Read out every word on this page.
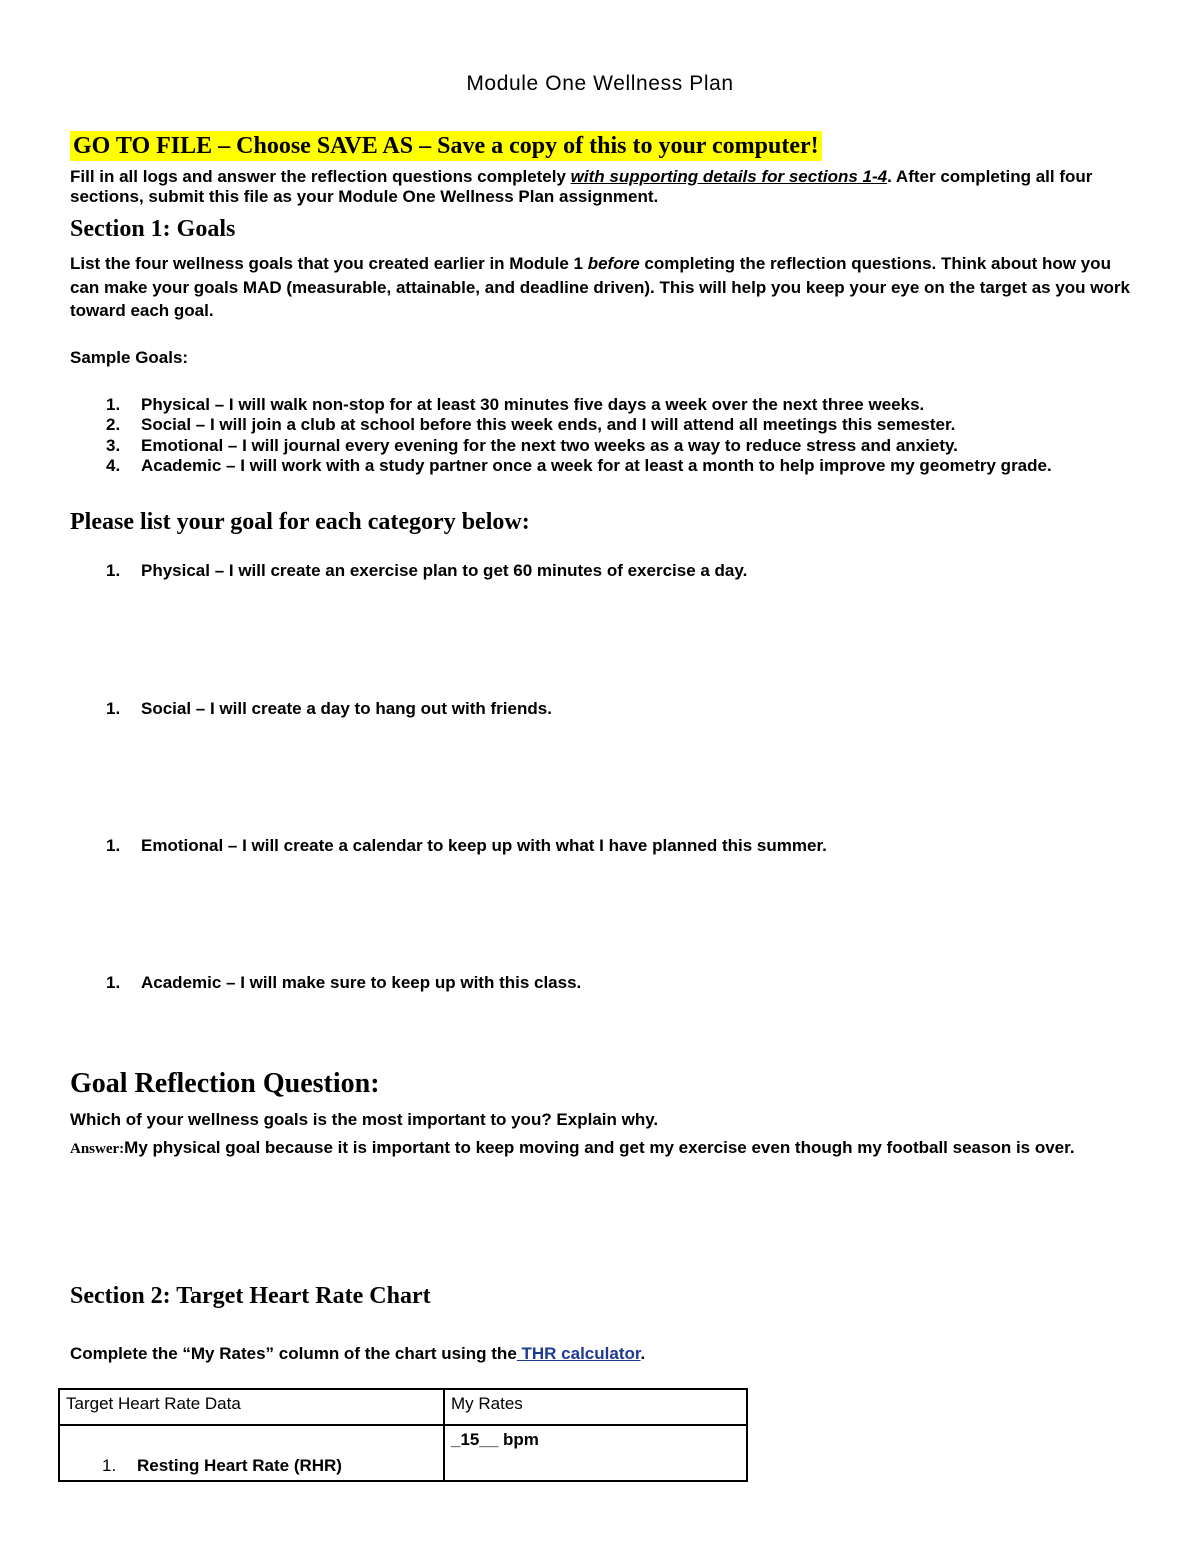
Module One Wellness Plan
GO TO FILE – Choose SAVE AS – Save a copy of this to your computer!
Fill in all logs and answer the reflection questions completely with supporting details for sections 1-4. After completing all four sections, submit this file as your Module One Wellness Plan assignment.
Section 1: Goals
List the four wellness goals that you created earlier in Module 1 before completing the reflection questions. Think about how you can make your goals MAD (measurable, attainable, and deadline driven). This will help you keep your eye on the target as you work toward each goal.
Sample Goals:
1. Physical – I will walk non-stop for at least 30 minutes five days a week over the next three weeks.
2. Social – I will join a club at school before this week ends, and I will attend all meetings this semester.
3. Emotional – I will journal every evening for the next two weeks as a way to reduce stress and anxiety.
4. Academic – I will work with a study partner once a week for at least a month to help improve my geometry grade.
Please list your goal for each category below:
1. Physical – I will create an exercise plan to get 60 minutes of exercise a day.
1. Social – I will create a day to hang out with friends.
1. Emotional – I will create a calendar to keep up with what I have planned this summer.
1. Academic – I will make sure to keep up with this class.
Goal Reflection Question:
Which of your wellness goals is the most important to you? Explain why.
Answer:My physical goal because it is important to keep moving and get my exercise even though my football season is over.
Section 2: Target Heart Rate Chart
Complete the “My Rates” column of the chart using the THR calculator.
Target Heart Rate Data	My Rates

1. Resting Heart Rate (RHR)	_15__ bpm
